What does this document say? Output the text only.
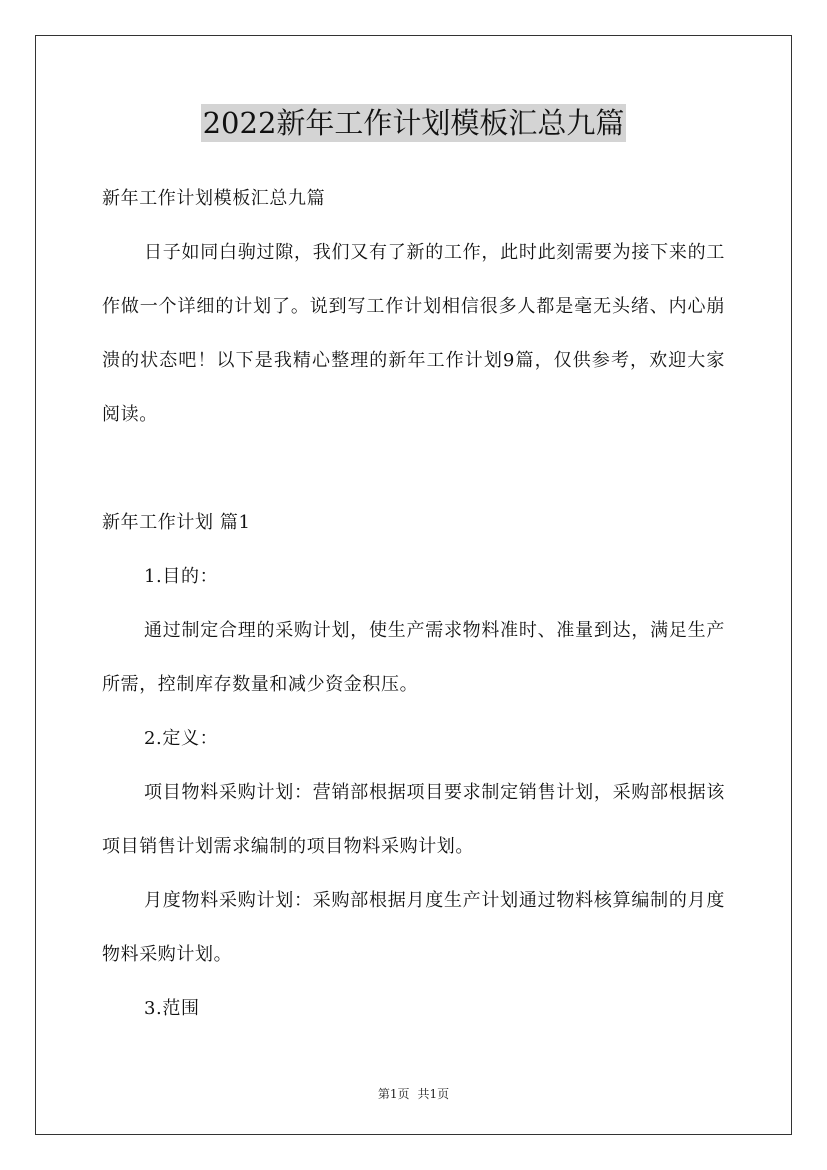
2022新年工作计划模板汇总九篇

新年工作计划模板汇总九篇

日子如同白驹过隙，我们又有了新的工作，此时此刻需要为接下来的工作做一个详细的计划了。说到写工作计划相信很多人都是毫无头绪、内心崩溃的状态吧！以下是我精心整理的新年工作计划9篇，仅供参考，欢迎大家阅读。

新年工作计划 篇1

1.目的：

通过制定合理的采购计划，使生产需求物料准时、准量到达，满足生产所需，控制库存数量和减少资金积压。

2.定义：

项目物料采购计划：营销部根据项目要求制定销售计划，采购部根据该项目销售计划需求编制的项目物料采购计划。

月度物料采购计划：采购部根据月度生产计划通过物料核算编制的月度物料采购计划。

3.范围

第1页 共1页
